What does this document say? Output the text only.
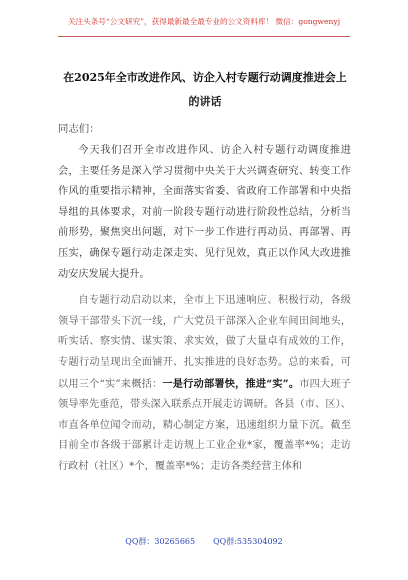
关注头条号“公文研究”，获得最新最全最专业的公文资料库！ 微信：gongwenyj
在2025年全市改进作风、访企入村专题行动调度推进会上的讲话
同志们：

今天我们召开全市改进作风、访企入村专题行动调度推进会，主要任务是深入学习贯彻中央关于大兴调查研究、转变工作作风的重要指示精神，全面落实省委、省政府工作部署和中央指导组的具体要求，对前一阶段专题行动进行阶段性总结，分析当前形势，聚焦突出问题，对下一步工作进行再动员、再部署、再压实，确保专题行动走深走实、见行见效，真正以作风大改进推动安庆发展大提升。

自专题行动启动以来，全市上下迅速响应、积极行动，各级领导干部带头下沉一线，广大党员干部深入企业车间田间地头，听实话、察实情、谋实策、求实效，做了大量卓有成效的工作，专题行动呈现出全面铺开、扎实推进的良好态势。总的来看，可以用三个“实”来概括：一是行动部署快，推进“实”。市四大班子领导率先垂范，带头深入联系点开展走访调研。各县（市、区）、市直各单位闻令而动，精心制定方案，迅速组织力量下沉。截至目前全市各级干部累计走访规上工业企业*家，覆盖率*%；走访行政村（社区）*个，覆盖率*%；走访各类经营主体和

QQ群：30265665 QQ群:535304092
